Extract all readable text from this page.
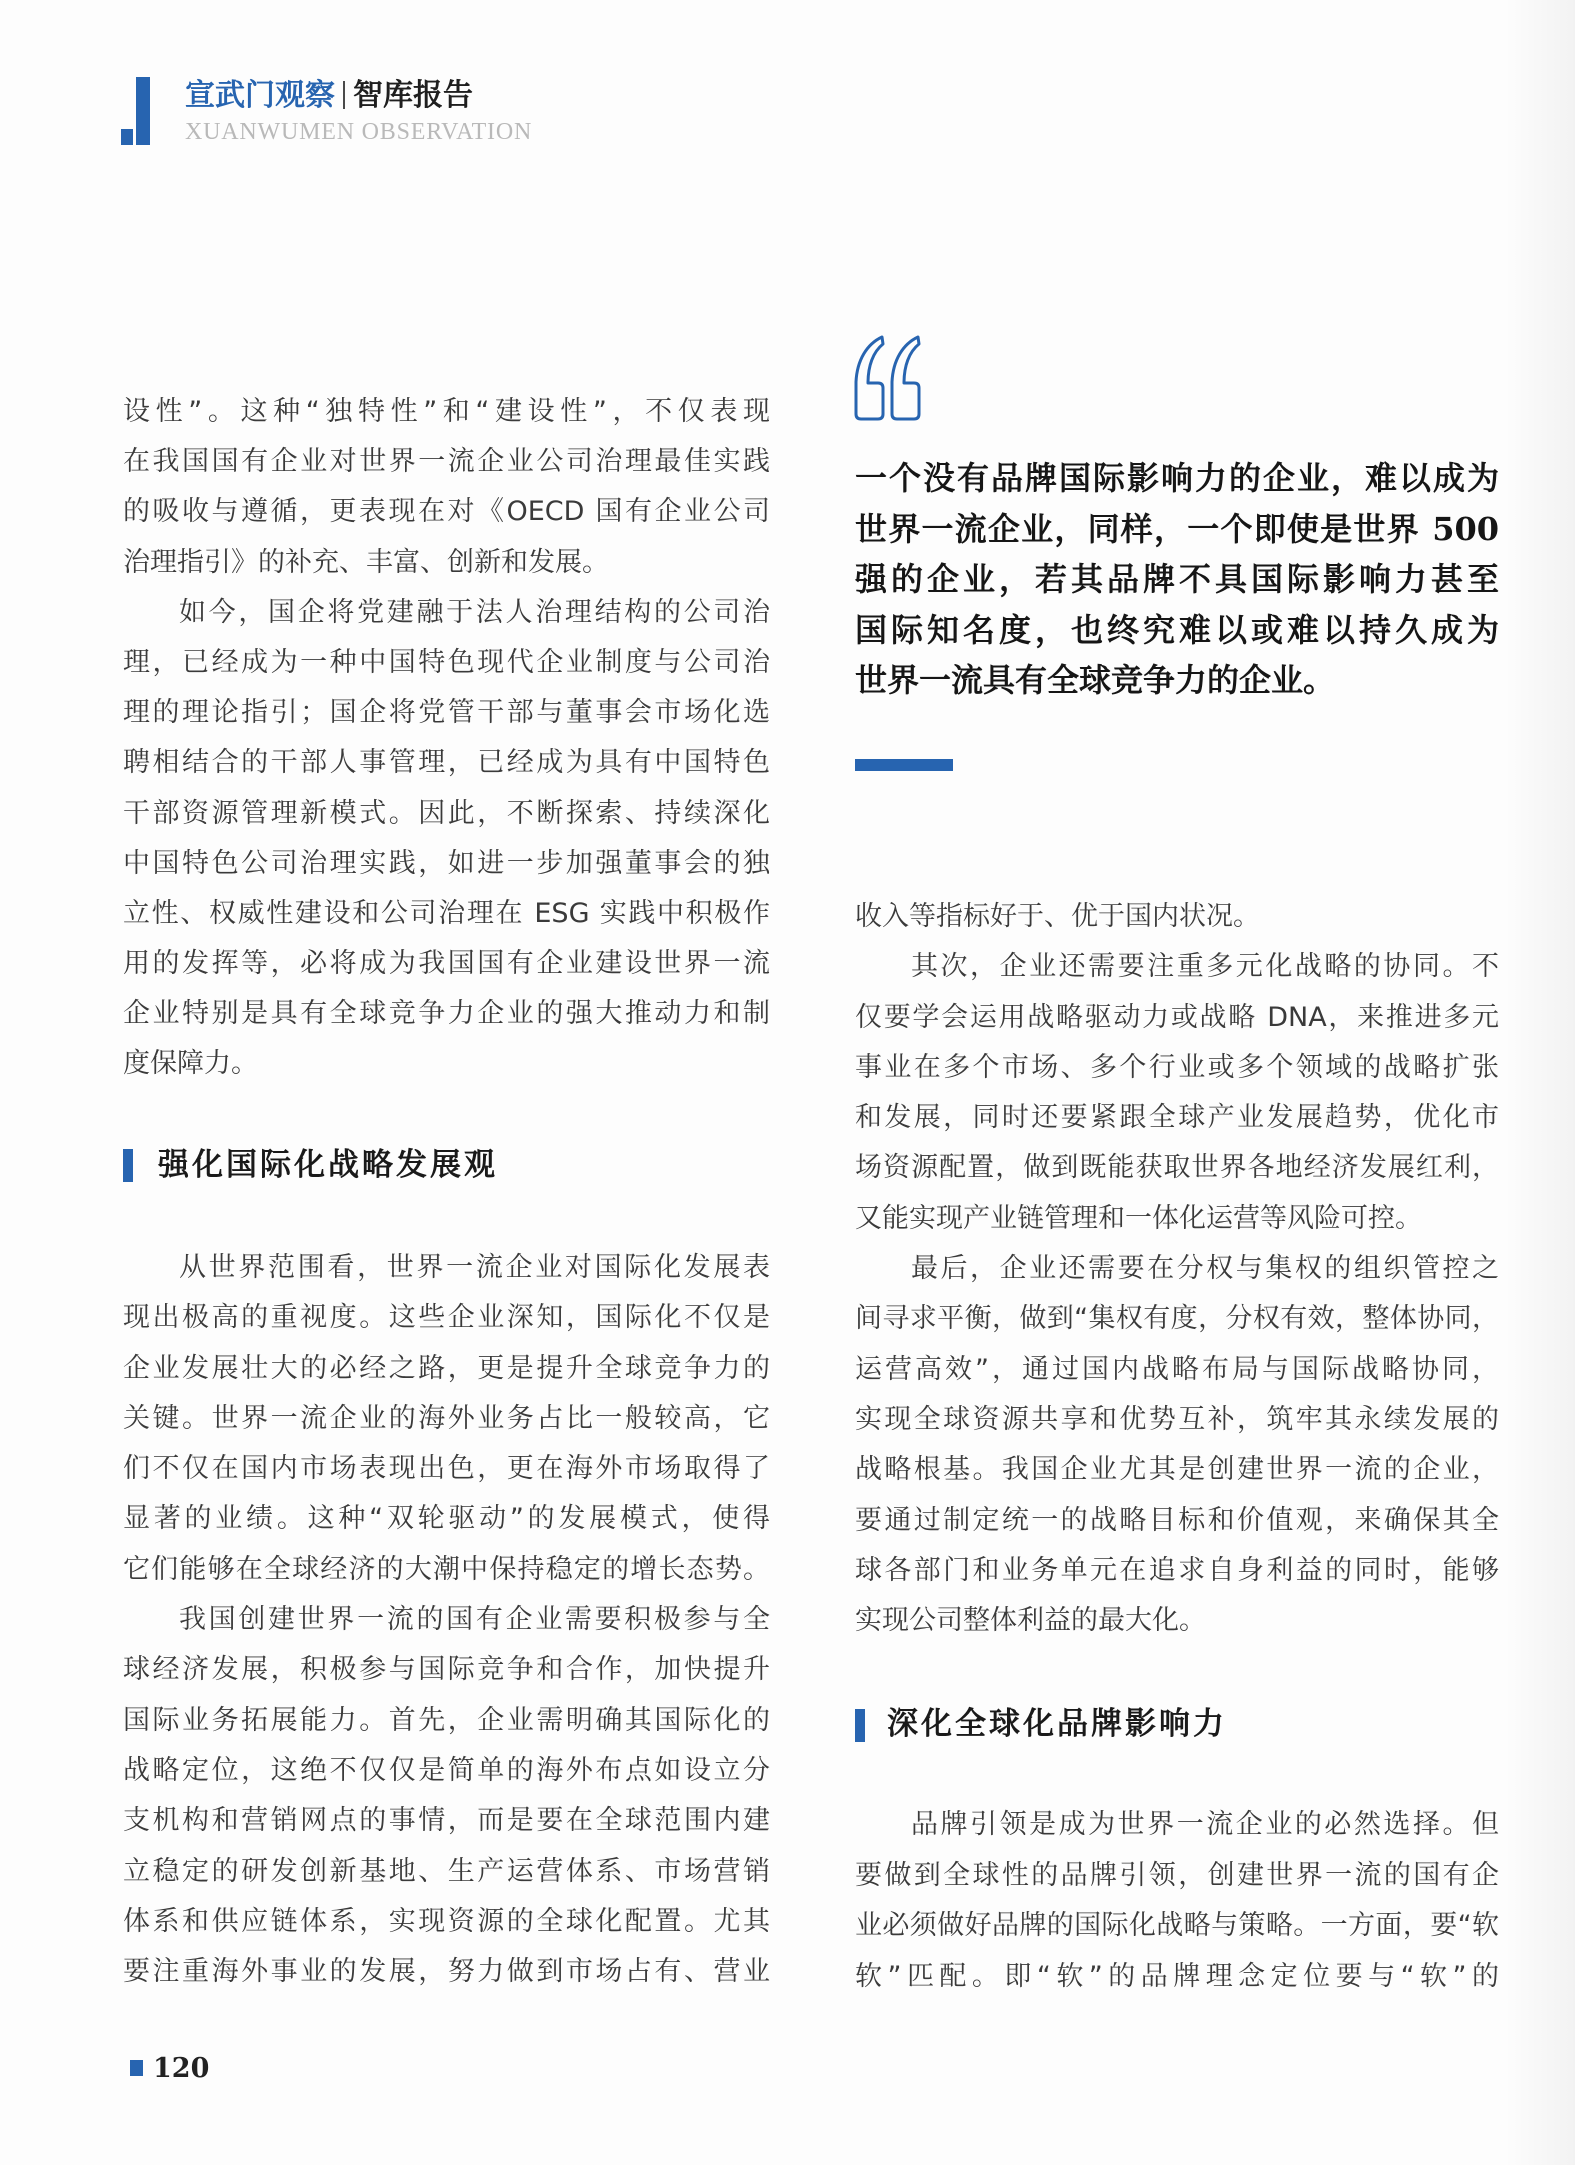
宣武门观察 智库报告
XUANWUMEN OBSERVATION
设性”。这种“独特性”和“建设性”，不仅表现
在我国国有企业对世界一流企业公司治理最佳实践
的吸收与遵循，更表现在对《OECD 国有企业公司
治理指引》的补充、丰富、创新和发展。
如今，国企将党建融于法人治理结构的公司治
理，已经成为一种中国特色现代企业制度与公司治
理的理论指引；国企将党管干部与董事会市场化选
聘相结合的干部人事管理，已经成为具有中国特色
干部资源管理新模式。因此，不断探索、持续深化
中国特色公司治理实践，如进一步加强董事会的独
立性、权威性建设和公司治理在 ESG 实践中积极作
用的发挥等，必将成为我国国有企业建设世界一流
企业特别是具有全球竞争力企业的强大推动力和制
度保障力。
强化国际化战略发展观
从世界范围看，世界一流企业对国际化发展表
现出极高的重视度。这些企业深知，国际化不仅是
企业发展壮大的必经之路，更是提升全球竞争力的
关键。世界一流企业的海外业务占比一般较高，它
们不仅在国内市场表现出色，更在海外市场取得了
显著的业绩。这种“双轮驱动”的发展模式，使得
它们能够在全球经济的大潮中保持稳定的增长态势。
我国创建世界一流的国有企业需要积极参与全
球经济发展，积极参与国际竞争和合作，加快提升
国际业务拓展能力。首先，企业需明确其国际化的
战略定位，这绝不仅仅是简单的海外布点如设立分
支机构和营销网点的事情，而是要在全球范围内建
立稳定的研发创新基地、生产运营体系、市场营销
体系和供应链体系，实现资源的全球化配置。尤其
要注重海外事业的发展，努力做到市场占有、营业
一个没有品牌国际影响力的企业，难以成为
世界一流企业，同样，一个即使是世界 500
强的企业，若其品牌不具国际影响力甚至
国际知名度，也终究难以或难以持久成为
世界一流具有全球竞争力的企业。
收入等指标好于、优于国内状况。
其次，企业还需要注重多元化战略的协同。不
仅要学会运用战略驱动力或战略 DNA，来推进多元
事业在多个市场、多个行业或多个领域的战略扩张
和发展，同时还要紧跟全球产业发展趋势，优化市
场资源配置，做到既能获取世界各地经济发展红利，
又能实现产业链管理和一体化运营等风险可控。
最后，企业还需要在分权与集权的组织管控之
间寻求平衡，做到“集权有度，分权有效，整体协同，
运营高效”，通过国内战略布局与国际战略协同，
实现全球资源共享和优势互补，筑牢其永续发展的
战略根基。我国企业尤其是创建世界一流的企业，
要通过制定统一的战略目标和价值观，来确保其全
球各部门和业务单元在追求自身利益的同时，能够
实现公司整体利益的最大化。
深化全球化品牌影响力
品牌引领是成为世界一流企业的必然选择。但
要做到全球性的品牌引领，创建世界一流的国有企
业必须做好品牌的国际化战略与策略。一方面，要“软
软”匹配。即“软”的品牌理念定位要与“软”的
120
